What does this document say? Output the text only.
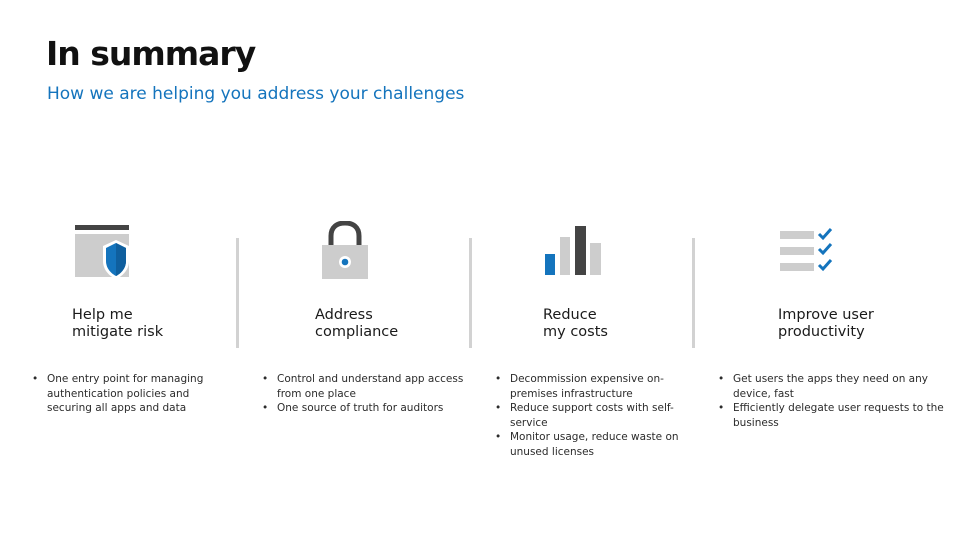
In summary

How we are helping you address your challenges

Help me
mitigate risk
• One entry point for managing authentication policies and securing all apps and data
Address
compliance
• Control and understand app access from one place
• One source of truth for auditors
Reduce
my costs
• Decommission expensive on-premises infrastructure
• Reduce support costs with self-service
• Monitor usage, reduce waste on unused licenses
Improve user
productivity
• Get users the apps they need on any device, fast
• Efficiently delegate user requests to the business
